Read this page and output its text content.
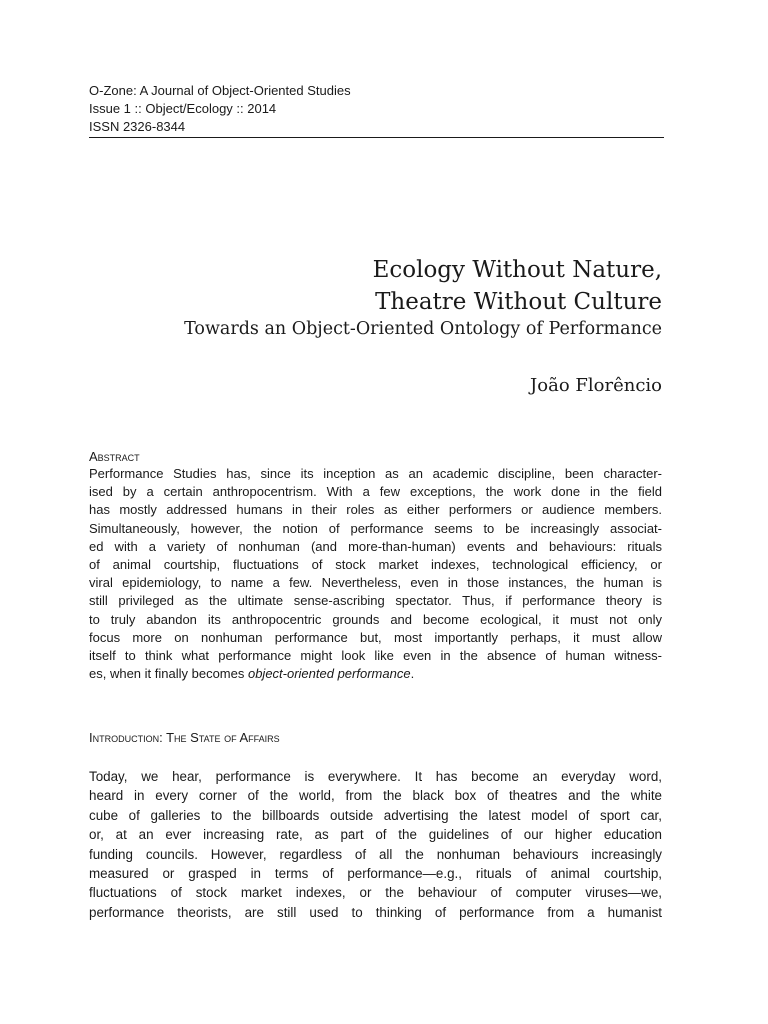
O-Zone: A Journal of Object-Oriented Studies
Issue 1 :: Object/Ecology :: 2014
ISSN 2326-8344
Ecology Without Nature,
Theatre Without Culture
Towards an Object-Oriented Ontology of Performance
João Florêncio
Abstract
Performance Studies has, since its inception as an academic discipline, been character-
ised by a certain anthropocentrism. With a few exceptions, the work done in the field
has mostly addressed humans in their roles as either performers or audience members.
Simultaneously, however, the notion of performance seems to be increasingly associat-
ed with a variety of nonhuman (and more-than-human) events and behaviours: rituals
of animal courtship, fluctuations of stock market indexes, technological efficiency, or
viral epidemiology, to name a few. Nevertheless, even in those instances, the human is
still privileged as the ultimate sense-ascribing spectator. Thus, if performance theory is
to truly abandon its anthropocentric grounds and become ecological, it must not only
focus more on nonhuman performance but, most importantly perhaps, it must allow
itself to think what performance might look like even in the absence of human witness-
es, when it finally becomes object-oriented performance.
Introduction: The State of Affairs
Today, we hear, performance is everywhere. It has become an everyday word,
heard in every corner of the world, from the black box of theatres and the white
cube of galleries to the billboards outside advertising the latest model of sport car,
or, at an ever increasing rate, as part of the guidelines of our higher education
funding councils. However, regardless of all the nonhuman behaviours increasingly
measured or grasped in terms of performance—e.g., rituals of animal courtship,
fluctuations of stock market indexes, or the behaviour of computer viruses—we,
performance theorists, are still used to thinking of performance from a humanist
